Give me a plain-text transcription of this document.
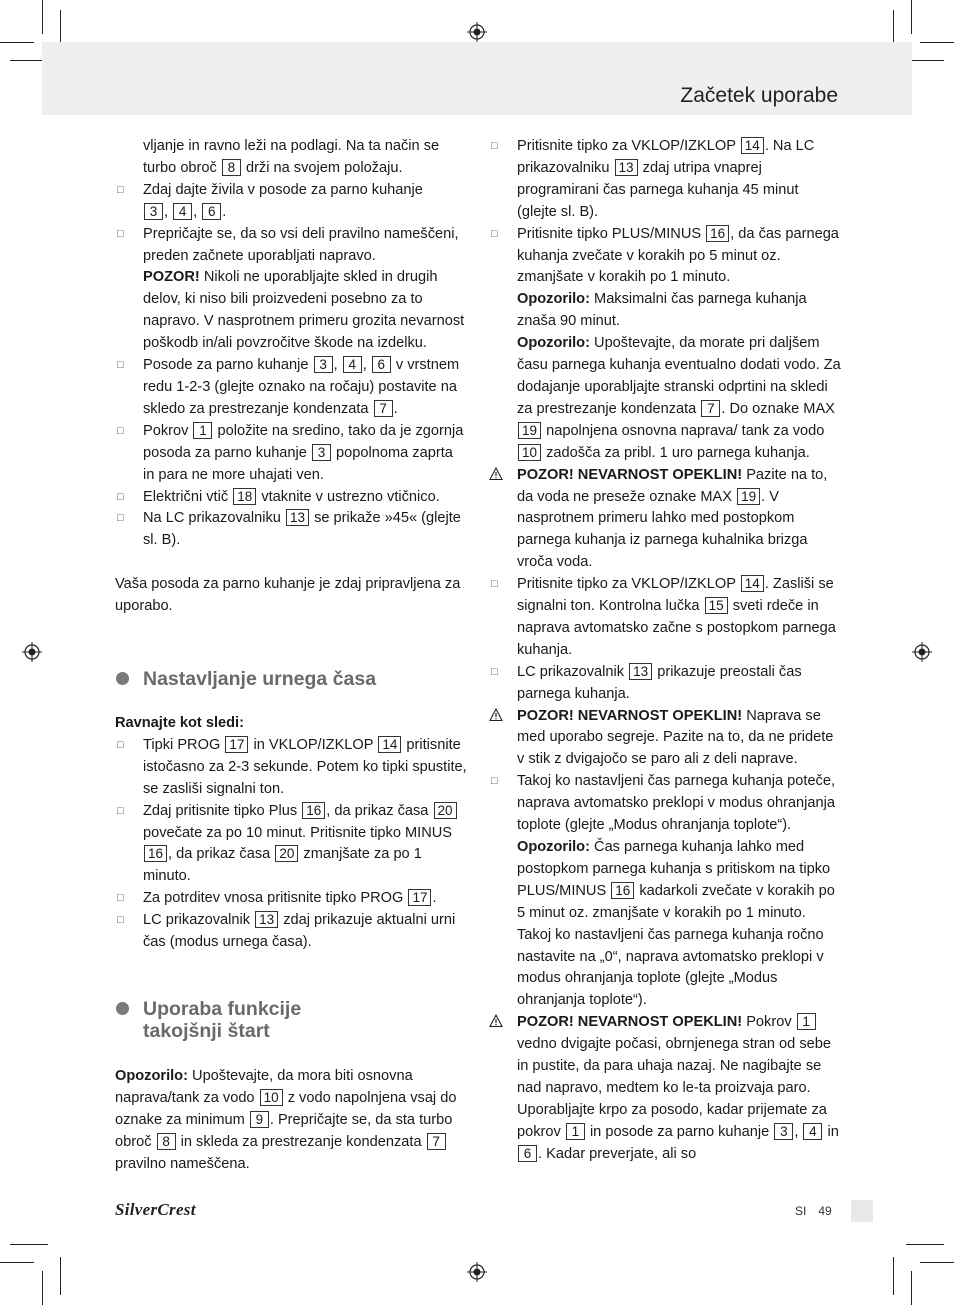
Začetek uporabe
vljanje in ravno leži na podlagi. Na ta način se turbo obroč 8 drži na svojem položaju.
□ Zdaj dajte živila v posode za parno kuhanje
3 , 4 , 6 .
□ Prepričajte se, da so vsi deli pravilno nameščeni, preden začnete uporabljati napravo.
POZOR! Nikoli ne uporabljajte skled in drugih delov, ki niso bili proizvedeni posebno za to napravo. V nasprotnem primeru grozita nevarnost poškodb in/ali povzročitve škode na izdelku.
□ Posode za parno kuhanje 3 , 4 , 6 v vrstnem redu 1-2-3 (glejte oznako na ročaju) postavite na skledo za prestrezanje kondenzata 7 .
□ Pokrov 1 položite na sredino, tako da je zgornja posoda za parno kuhanje 3 popolnoma zaprta in para ne more uhajati ven.
□ Električni vtič 18 vtaknite v ustrezno vtičnico.
□ Na LC prikazovalniku 13 se prikaže »45« (glejte sl. B).
Vaša posoda za parno kuhanje je zdaj pripravljena za uporabo.
Nastavljanje urnega časa
Ravnajte kot sledi:
□ Tipki PROG 17 in VKLOP/IZKLOP 14 pritisnite istočasno za 2-3 sekunde. Potem ko tipki spustite, se zasliši signalni ton.
□ Zdaj pritisnite tipko Plus 16 , da prikaz časa 20 povečate za po 10 minut. Pritisnite tipko MINUS 16 , da prikaz časa 20 zmanjšate za po 1 minuto.
□ Za potrditev vnosa pritisnite tipko PROG 17 .
□ LC prikazovalnik 13 zdaj prikazuje aktualni urni čas (modus urnega časa).
Uporaba funkcije
takojšnji štart
Opozorilo: Upoštevajte, da mora biti osnovna naprava/tank za vodo 10 z vodo napolnjena vsaj do oznake za minimum 9 . Prepričajte se, da sta turbo obroč 8 in skleda za prestrezanje kondenzata 7 pravilno nameščena.
□ Pritisnite tipko za VKLOP/IZKLOP 14 . Na LC prikazovalniku 13 zdaj utripa vnaprej programirani čas parnega kuhanja 45 minut (glejte sl. B).
□ Pritisnite tipko PLUS/MINUS 16 , da čas parnega kuhanja zvečate v korakih po 5 minut oz. zmanjšate v korakih po 1 minuto.
Opozorilo: Maksimalni čas parnega kuhanja znaša 90 minut.
Opozorilo: Upoštevajte, da morate pri daljšem času parnega kuhanja eventualno dodati vodo. Za dodajanje uporabljajte stranski odprtini na skledi za prestrezanje kondenzata 7 . Do oznake MAX 19 napolnjena osnovna naprava/ tank za vodo 10 zadošča za pribl. 1 uro parnega kuhanja.
POZOR! NEVARNOST OPEKLIN! Pazite na to, da voda ne preseže oznake MAX 19 . V nasprotnem primeru lahko med postopkom parnega kuhanja iz parnega kuhalnika brizga vroča voda.
□ Pritisnite tipko za VKLOP/IZKLOP 14 . Zasliši se signalni ton. Kontrolna lučka 15 sveti rdeče in naprava avtomatsko začne s postopkom parnega kuhanja.
□ LC prikazovalnik 13 prikazuje preostali čas parnega kuhanja.
POZOR! NEVARNOST OPEKLIN! Naprava se med uporabo segreje. Pazite na to, da ne pridete v stik z dvigajočo se paro ali z deli naprave.
□ Takoj ko nastavljeni čas parnega kuhanja poteče, naprava avtomatsko preklopi v modus ohranjanja toplote (glejte „Modus ohranjanja toplote“).
Opozorilo: Čas parnega kuhanja lahko med postopkom parnega kuhanja s pritiskom na tipko PLUS/MINUS 16 kadarkoli zvečate v korakih po 5 minut oz. zmanjšate v korakih po 1 minuto. Takoj ko nastavljeni čas parnega kuhanja ročno nastavite na „0“, naprava avtomatsko preklopi v modus ohranjanja toplote (glejte „Modus ohranjanja toplote“).
POZOR! NEVARNOST OPEKLIN! Pokrov 1 vedno dvigajte počasi, obrnjenega stran od sebe in pustite, da para uhaja nazaj. Ne nagibajte se nad napravo, medtem ko le-ta proizvaja paro. Uporabljajte krpo za posodo, kadar prijemate za pokrov 1 in posode za parno kuhanje 3 , 4 in 6 . Kadar preverjate, ali so
SilverCrest	SI 49
